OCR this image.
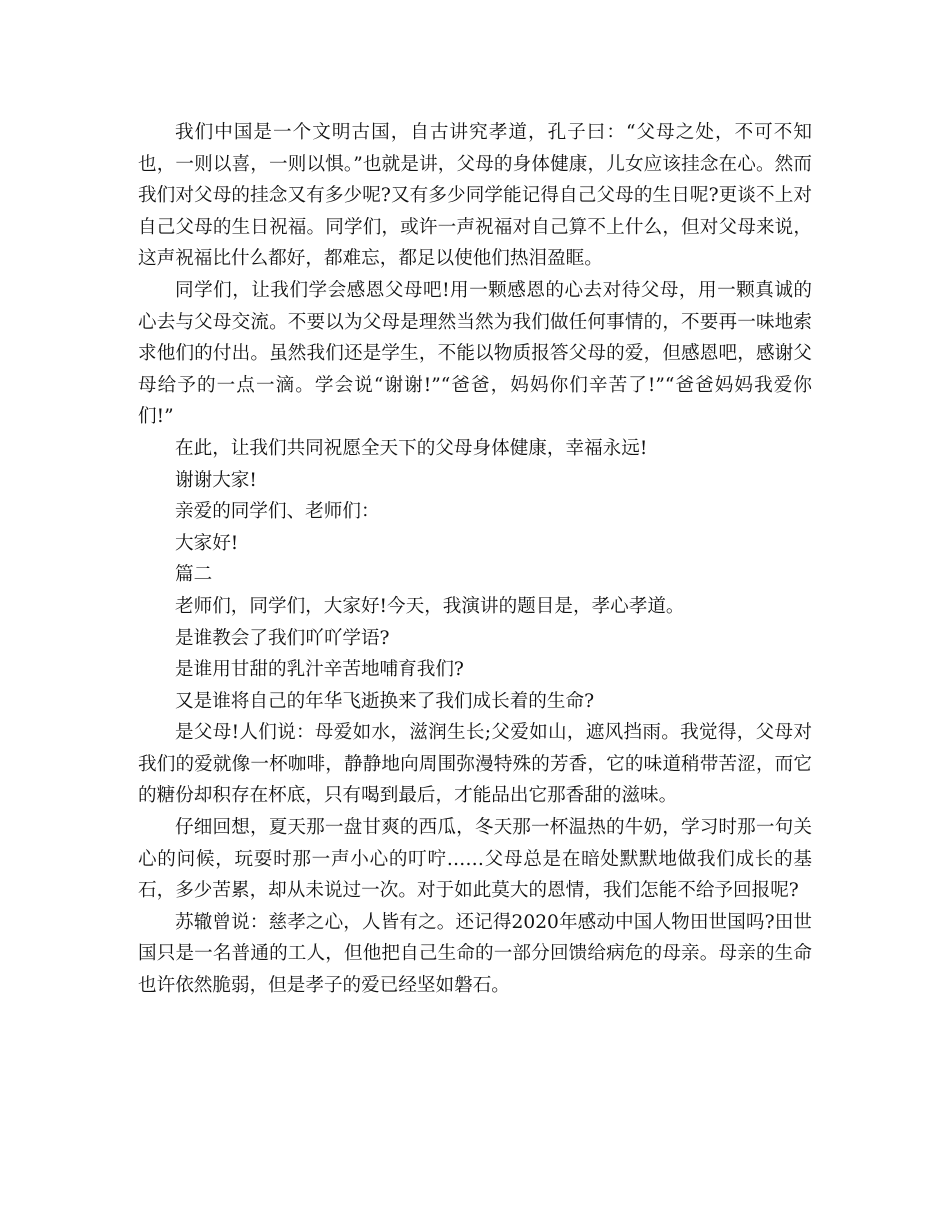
我们中国是一个文明古国，自古讲究孝道，孔子曰：“父母之处，不可不知也，一则以喜，一则以惧。”也就是讲，父母的身体健康，儿女应该挂念在心。然而我们对父母的挂念又有多少呢?又有多少同学能记得自己父母的生日呢?更谈不上对自己父母的生日祝福。同学们，或许一声祝福对自己算不上什么，但对父母来说，这声祝福比什么都好，都难忘，都足以使他们热泪盈眶。

同学们，让我们学会感恩父母吧!用一颗感恩的心去对待父母，用一颗真诚的心去与父母交流。不要以为父母是理然当然为我们做任何事情的，不要再一味地索求他们的付出。虽然我们还是学生，不能以物质报答父母的爱，但感恩吧，感谢父母给予的一点一滴。学会说“谢谢!”“爸爸，妈妈你们辛苦了!”“爸爸妈妈我爱你们!”

在此，让我们共同祝愿全天下的父母身体健康，幸福永远!

谢谢大家!

亲爱的同学们、老师们：

大家好!

篇二

老师们，同学们，大家好!今天，我演讲的题目是，孝心孝道。

是谁教会了我们吖吖学语?

是谁用甘甜的乳汁辛苦地哺育我们?

又是谁将自己的年华飞逝换来了我们成长着的生命?

是父母!人们说：母爱如水，滋润生长;父爱如山，遮风挡雨。我觉得，父母对我们的爱就像一杯咖啡，静静地向周围弥漫特殊的芳香，它的味道稍带苦涩，而它的糖份却积存在杯底，只有喝到最后，才能品出它那香甜的滋味。

仔细回想，夏天那一盘甘爽的西瓜，冬天那一杯温热的牛奶，学习时那一句关心的问候，玩耍时那一声小心的叮咛……父母总是在暗处默默地做我们成长的基石，多少苦累，却从未说过一次。对于如此莫大的恩情，我们怎能不给予回报呢?

苏辙曾说：慈孝之心，人皆有之。还记得2020年感动中国人物田世国吗?田世国只是一名普通的工人，但他把自己生命的一部分回馈给病危的母亲。母亲的生命也许依然脆弱，但是孝子的爱已经坚如磐石。
